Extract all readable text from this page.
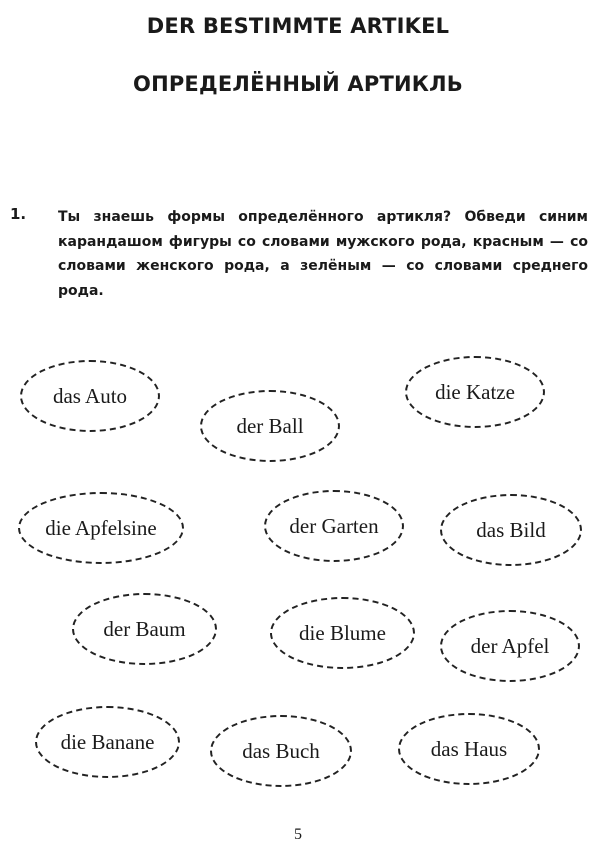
DER BESTIMMTE ARTIKEL
ОПРЕДЕЛЁННЫЙ АРТИКЛЬ
1. Ты знаешь формы определённого артикля? Обведи синим карандашом фигуры со словами мужского рода, красным — со словами женского рода, а зелёным — со словами среднего рода.

das Auto
der Ball
die Katze
die Apfelsine	der Garten	das Bild
der Baum	die Blume
der Apfel
die Banane	das Buch	das Haus
5
